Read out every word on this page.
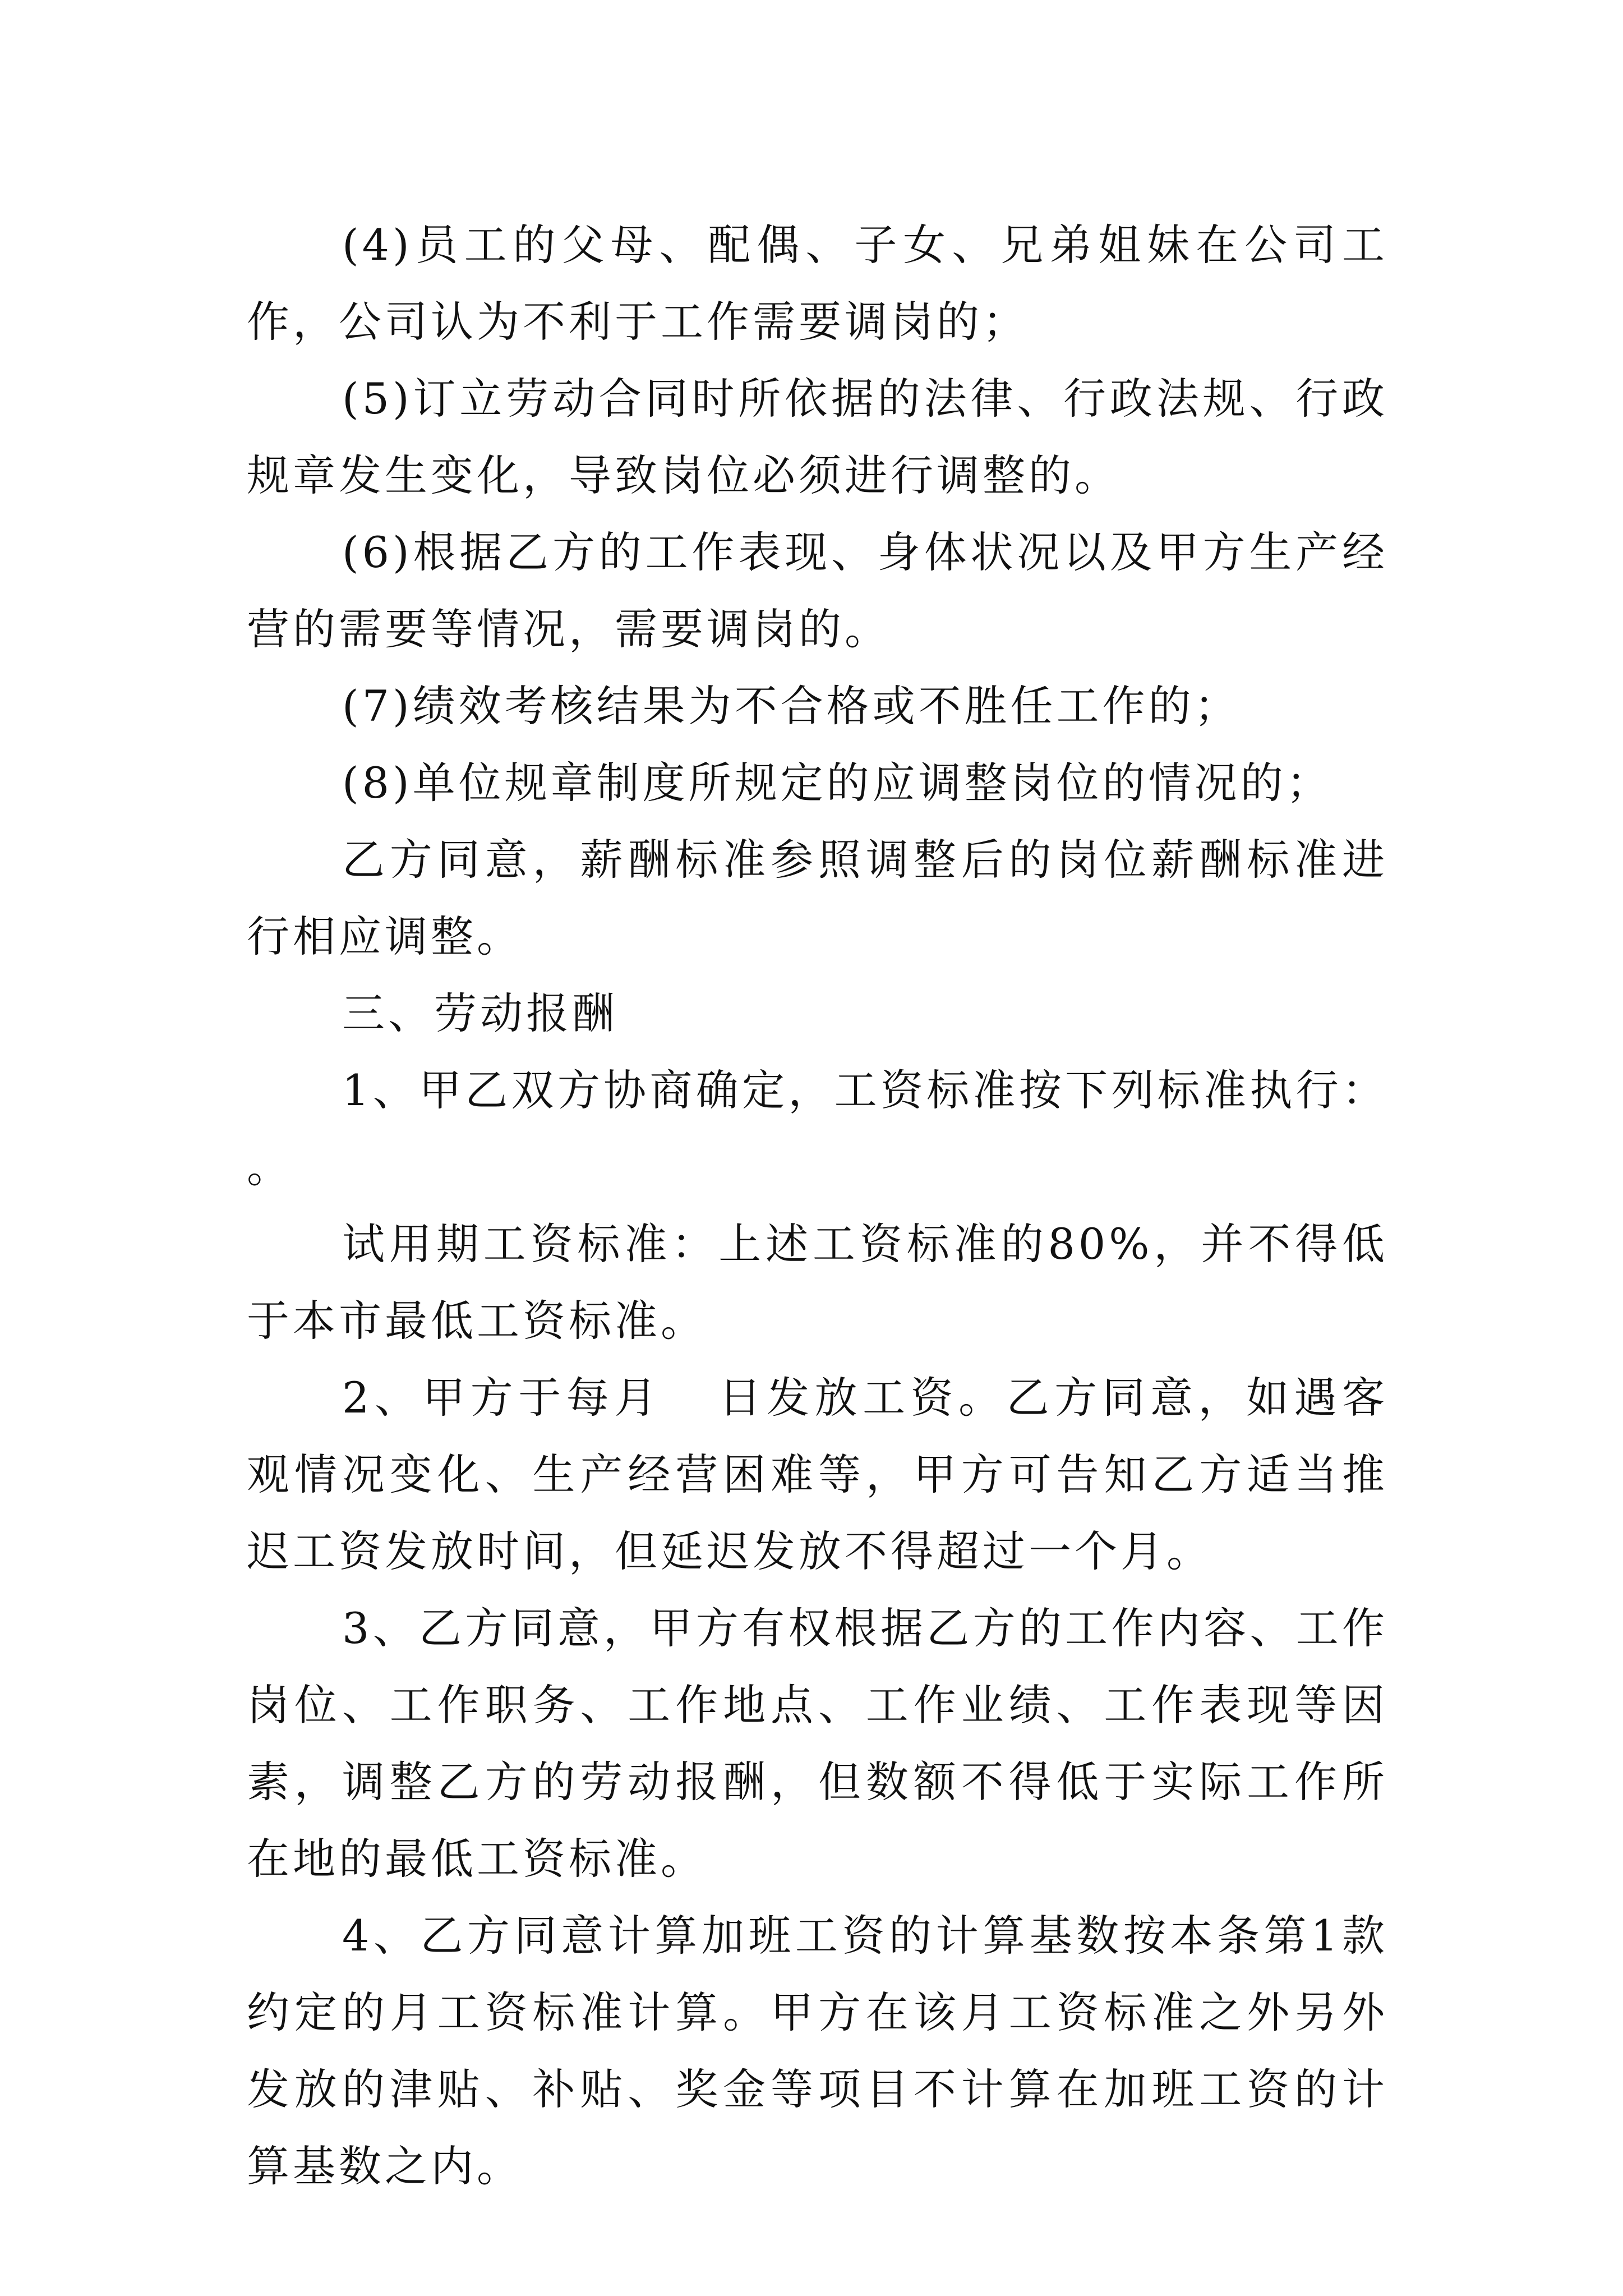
(4)员工的父母、配偶、子女、兄弟姐妹在公司工作，公司认为不利于工作需要调岗的；

(5)订立劳动合同时所依据的法律、行政法规、行政规章发生变化，导致岗位必须进行调整的。

(6)根据乙方的工作表现、身体状况以及甲方生产经营的需要等情况，需要调岗的。

(7)绩效考核结果为不合格或不胜任工作的；

(8)单位规章制度所规定的应调整岗位的情况的；

乙方同意，薪酬标准参照调整后的岗位薪酬标准进行相应调整。

三、劳动报酬

1、甲乙双方协商确定，工资标准按下列标准执行：   。

试用期工资标准：上述工资标准的80%，并不得低于本市最低工资标准。

2、甲方于每月   日发放工资。乙方同意，如遇客观情况变化、生产经营困难等，甲方可告知乙方适当推迟工资发放时间，但延迟发放不得超过一个月。

3、乙方同意，甲方有权根据乙方的工作内容、工作岗位、工作职务、工作地点、工作业绩、工作表现等因素，调整乙方的劳动报酬，但数额不得低于实际工作所在地的最低工资标准。

4、乙方同意计算加班工资的计算基数按本条第1款约定的月工资标准计算。甲方在该月工资标准之外另外发放的津贴、补贴、奖金等项目不计算在加班工资的计算基数之内。
